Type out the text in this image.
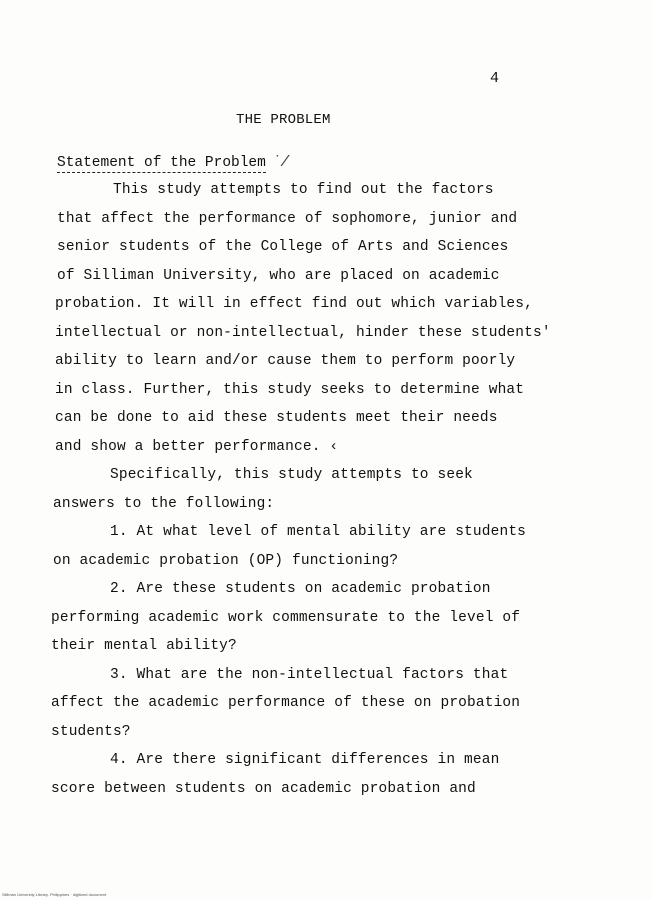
4
THE PROBLEM
Statement of the Problem ˙/
This study attempts to find out the factors
that affect the performance of sophomore, junior and
senior students of the College of Arts and Sciences
of Silliman University, who are placed on academic
probation. It will in effect find out which variables,
intellectual or non-intellectual, hinder these students'
ability to learn and/or cause them to perform poorly
in class. Further, this study seeks to determine what
can be done to aid these students meet their needs
and show a better performance. ‹
Specifically, this study attempts to seek
answers to the following:
1. At what level of mental ability are students
on academic probation (OP) functioning?
2. Are these students on academic probation
performing academic work commensurate to the level of
their mental ability?
3. What are the non-intellectual factors that
affect the academic performance of these on probation
students?
4. Are there significant differences in mean
score between students on academic probation and
Silliman University Library. Philippines · digitized document
